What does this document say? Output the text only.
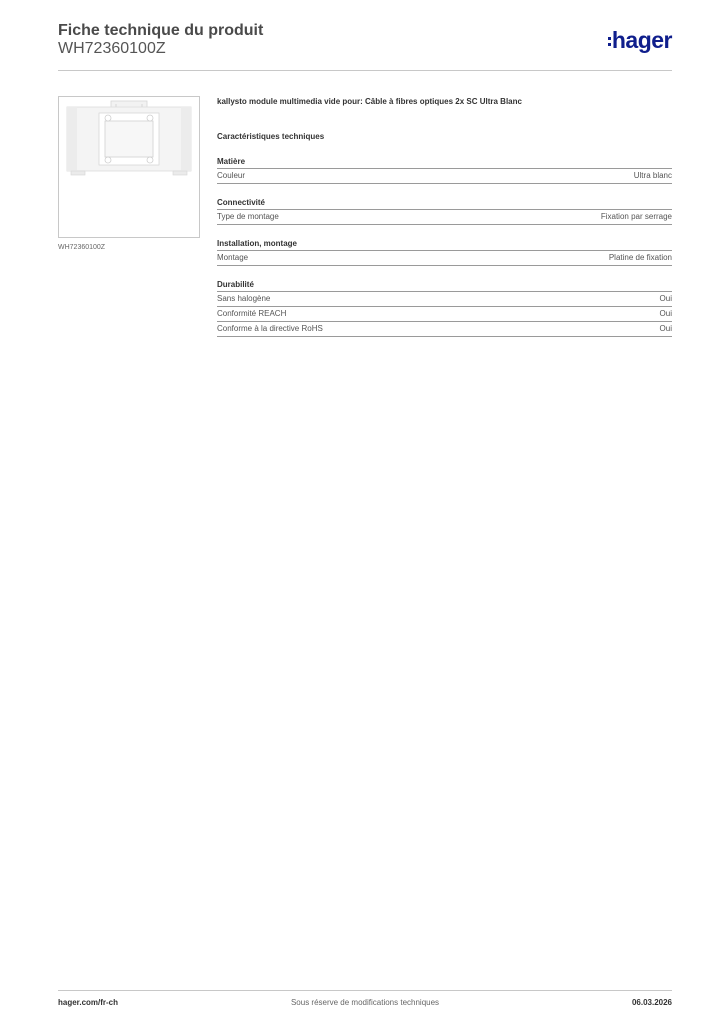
Fiche technique du produit
WH72360100Z	hager
WH72360100Z
kallysto module multimedia vide pour: Câble à fibres optiques 2x SC Ultra Blanc
Caractéristiques techniques
Matière
Couleur	Ultra blanc
Connectivité
Type de montage	Fixation par serrage
Installation, montage
Montage	Platine de fixation
Durabilité
Sans halogène	Oui
Conformité REACH	Oui
Conforme à la directive RoHS	Oui
hager.com/fr-ch	Sous réserve de modifications techniques	06.03.2026
